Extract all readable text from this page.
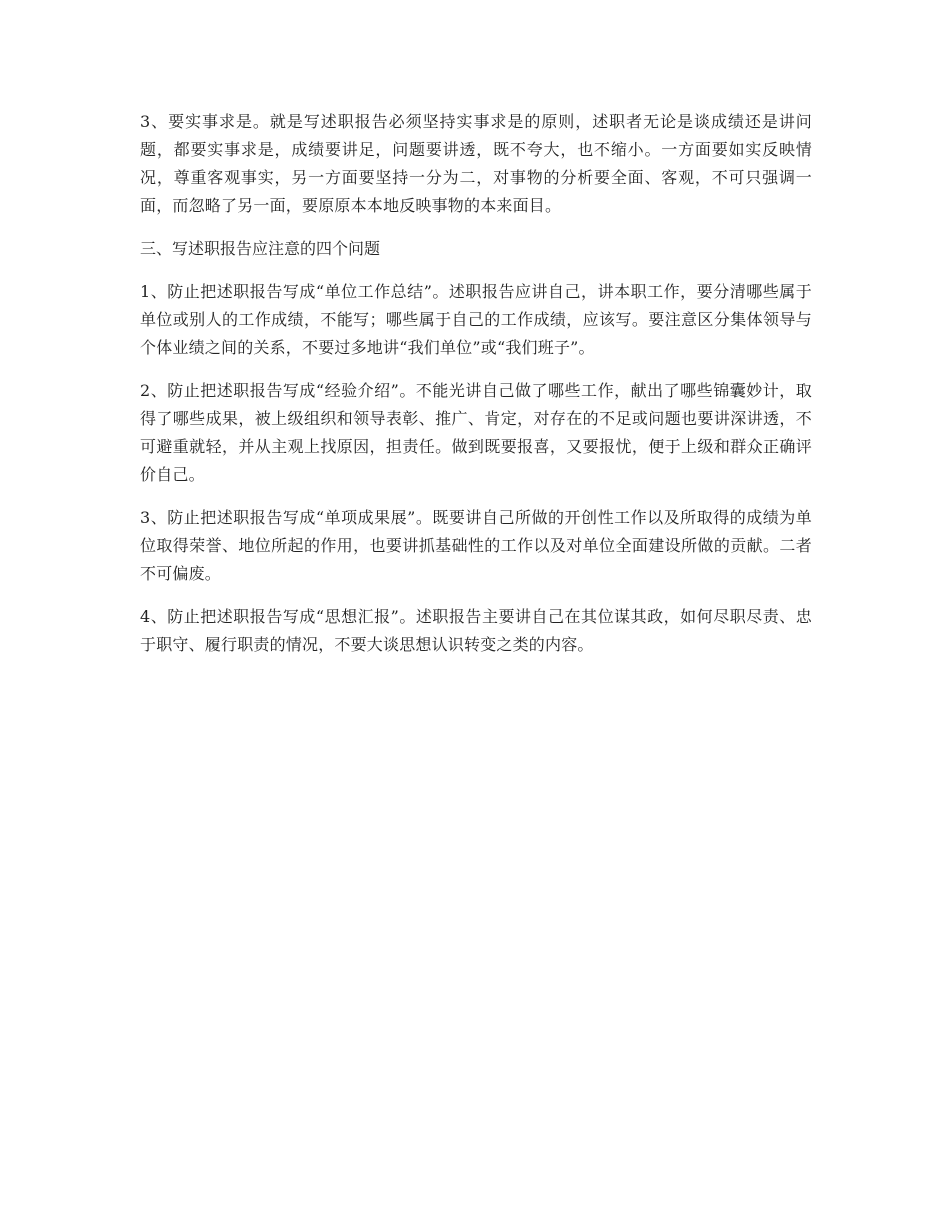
3、要实事求是。就是写述职报告必须坚持实事求是的原则，述职者无论是谈成绩还是讲问题，都要实事求是，成绩要讲足，问题要讲透，既不夸大，也不缩小。一方面要如实反映情况，尊重客观事实，另一方面要坚持一分为二，对事物的分析要全面、客观，不可只强调一面，而忽略了另一面，要原原本本地反映事物的本来面目。

三、写述职报告应注意的四个问题

1、防止把述职报告写成“单位工作总结”。述职报告应讲自己，讲本职工作，要分清哪些属于单位或别人的工作成绩，不能写；哪些属于自己的工作成绩，应该写。要注意区分集体领导与个体业绩之间的关系，不要过多地讲“我们单位”或“我们班子”。

2、防止把述职报告写成“经验介绍”。不能光讲自己做了哪些工作，献出了哪些锦囊妙计，取得了哪些成果，被上级组织和领导表彰、推广、肯定，对存在的不足或问题也要讲深讲透，不可避重就轻，并从主观上找原因，担责任。做到既要报喜，又要报忧，便于上级和群众正确评价自己。

3、防止把述职报告写成“单项成果展”。既要讲自己所做的开创性工作以及所取得的成绩为单位取得荣誉、地位所起的作用，也要讲抓基础性的工作以及对单位全面建设所做的贡献。二者不可偏废。

4、防止把述职报告写成“思想汇报”。述职报告主要讲自己在其位谋其政，如何尽职尽责、忠于职守、履行职责的情况，不要大谈思想认识转变之类的内容。
